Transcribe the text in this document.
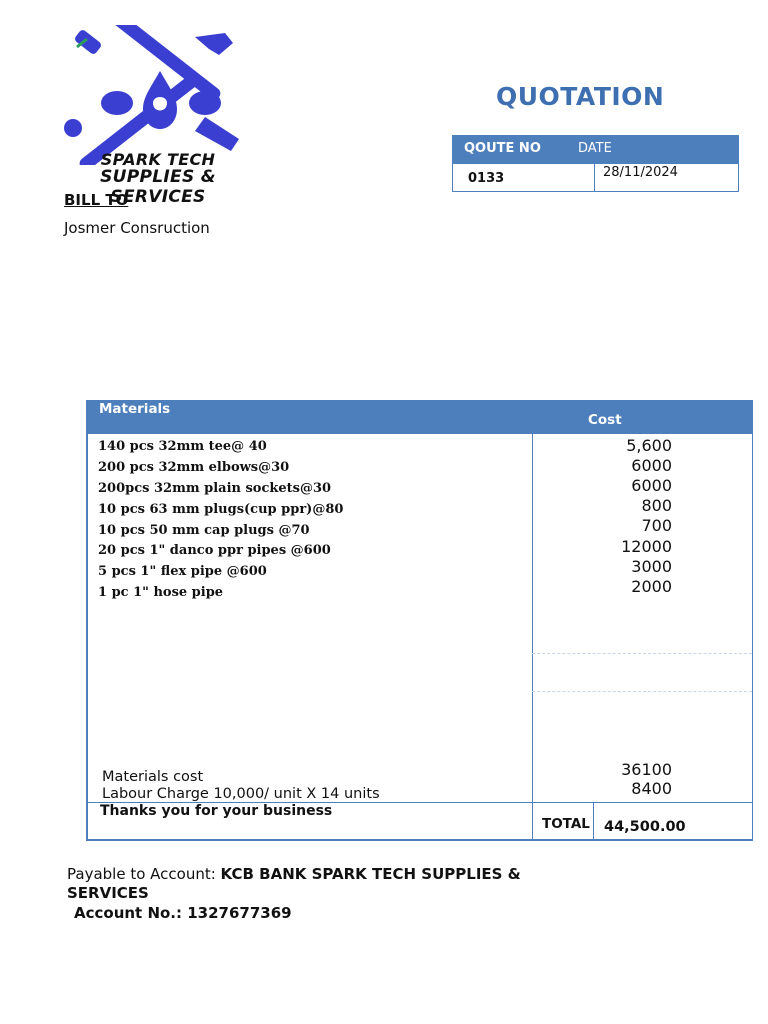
SPARK TECH
SUPPLIES & SERVICES
BILL TO
Josmer Consruction
QUOTATION
QOUTE NO	DATE
0133	28/11/2024
Materials
Cost
140 pcs 32mm tee@ 40
200 pcs 32mm elbows@30
200pcs 32mm plain sockets@30
10 pcs 63 mm plugs(cup ppr)@80
10 pcs 50 mm cap plugs @70
20 pcs 1" danco ppr pipes @600
5 pcs 1" flex pipe @600
1 pc 1" hose pipe
5,600
6000
6000
800
700
12000
3000
2000
Materials cost
Labour Charge 10,000/ unit X 14 units
36100
8400
Thanks you for your business
TOTAL 44,500.00
Payable to Account: KCB BANK SPARK TECH SUPPLIES & SERVICES
Account No.: 1327677369
